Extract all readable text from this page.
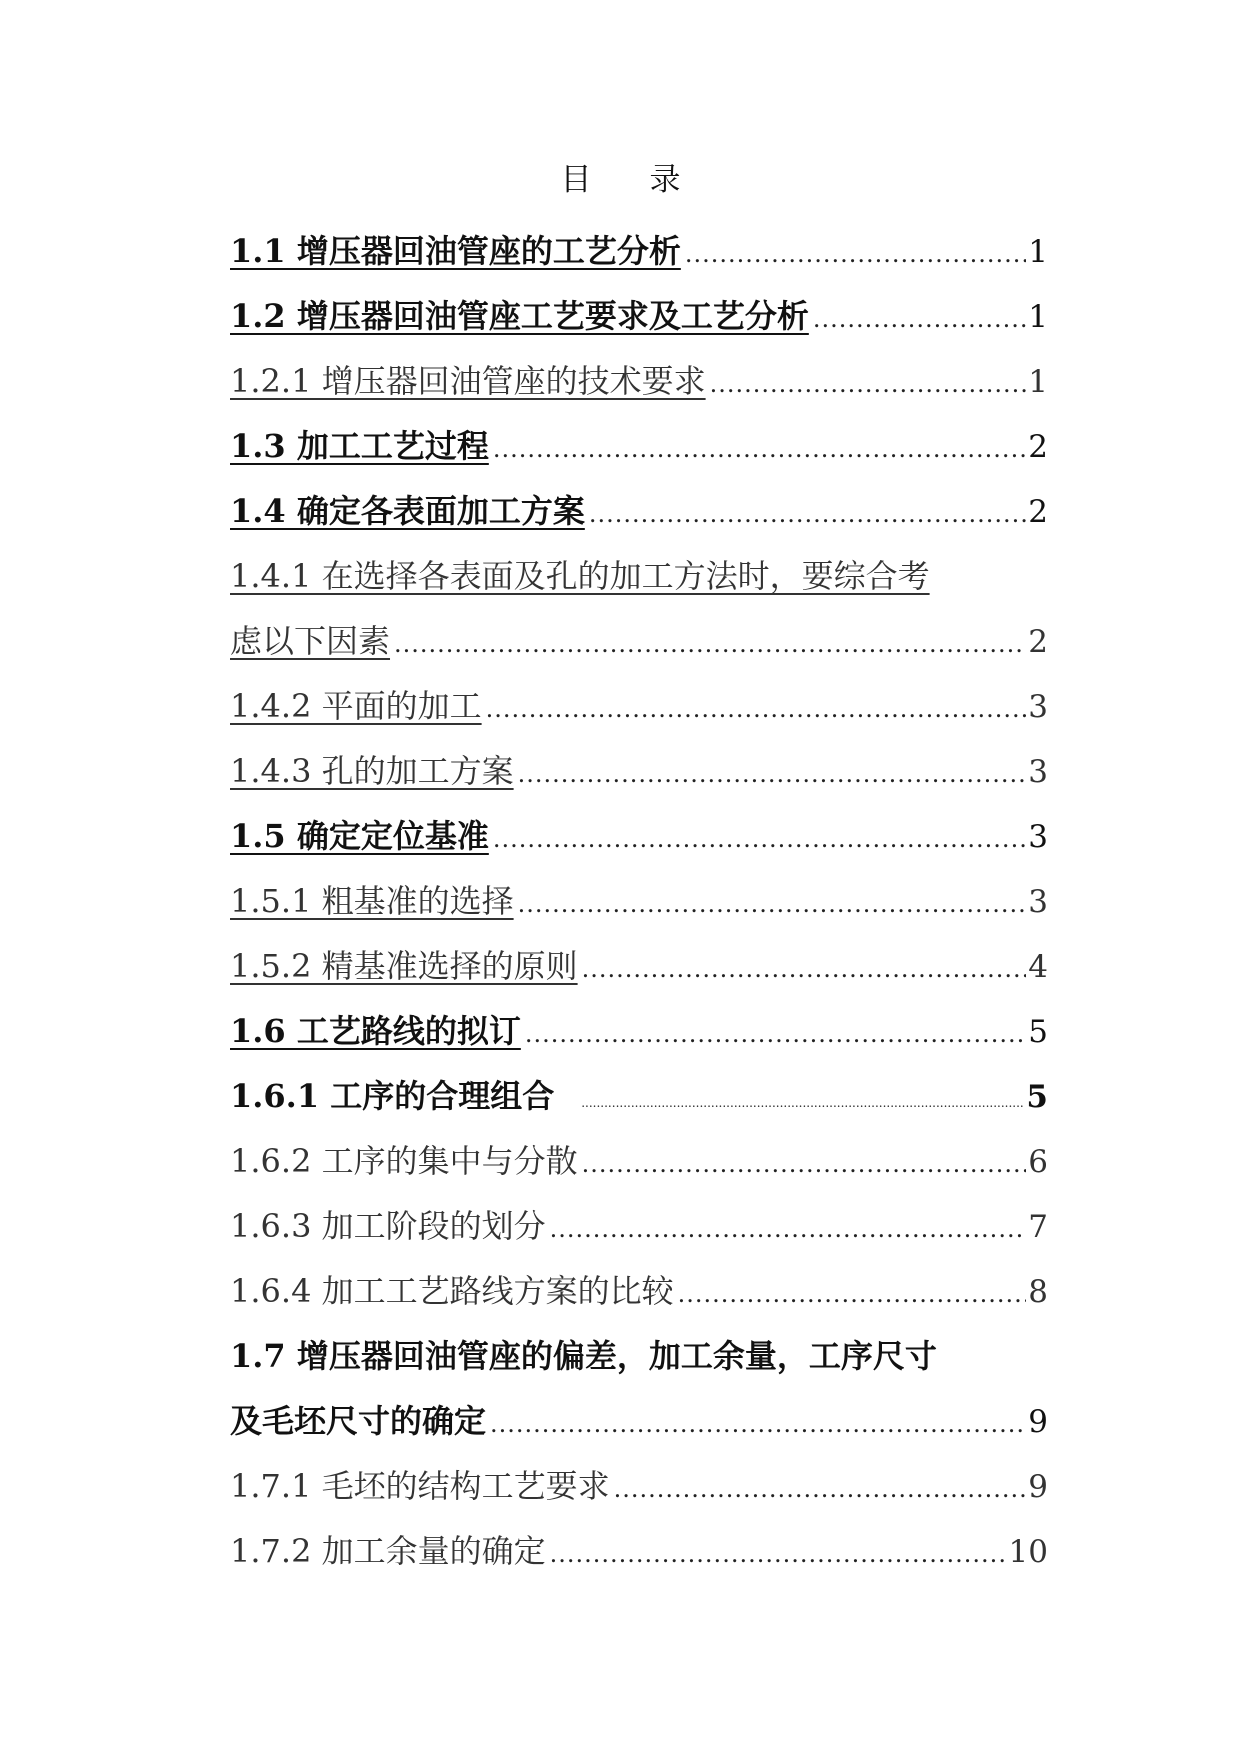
目 录
1.1 增压器回油管座的工艺分析 .....	1
1.2 增压器回油管座工艺要求及工艺分析 .....	1
1.2.1 增压器回油管座的技术要求 .....	1
1.3 加工工艺过程 .....	2
1.4 确定各表面加工方案 .....	2
1.4.1 在选择各表面及孔的加工方法时，要综合考
虑以下因素 .....	2
1.4.2 平面的加工 .....	3
1.4.3 孔的加工方案 .....	3
1.5 确定定位基准 .....	3
1.5.1 粗基准的选择 .....	3
1.5.2 精基准选择的原则 .....	4
1.6 工艺路线的拟订 .....	5
1.6.1 工序的合理组合 .....	5
1.6.2 工序的集中与分散 .....	6
1.6.3 加工阶段的划分 .....	7
1.6.4 加工工艺路线方案的比较 .....	8
1.7 增压器回油管座的偏差，加工余量，工序尺寸
及毛坯尺寸的确定 .....	9
1.7.1 毛坯的结构工艺要求 .....	9
1.7.2 加工余量的确定 .....	10
